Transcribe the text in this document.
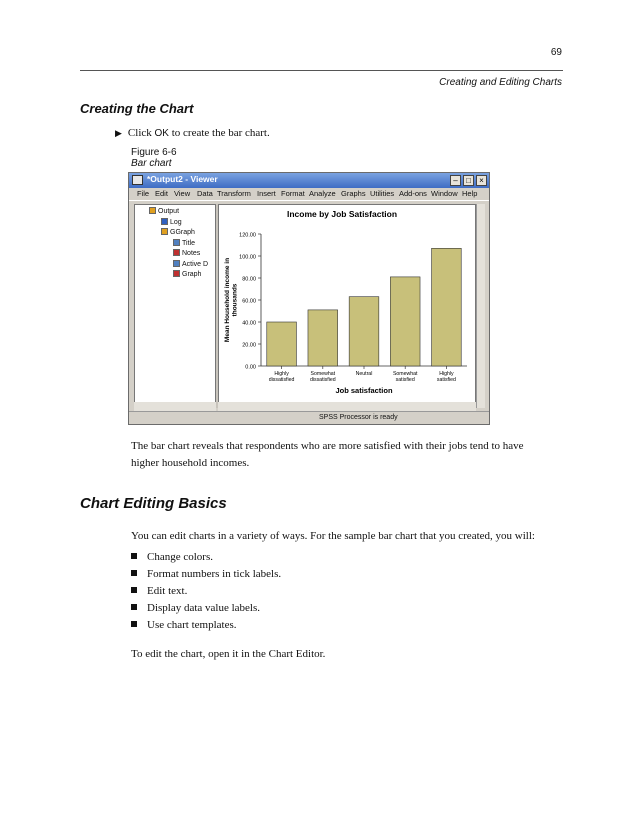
69
Creating and Editing Charts
Creating the Chart
▶ Click OK to create the bar chart.
Figure 6-6
Bar chart
*Output2 - Viewer	–	□	×
File Edit View Data Transform Insert Format Analyze Graphs Utilities Add-ons Window Help
Output
Log
GGraph
Title
Notes
Active D
Graph
Income by Job Satisfaction
0.00
20.00
40.00
60.00
80.00
100.00
120.00
Highly
dissatisfied
Somewhat
dissatisfied
Neutral	Somewhat
satisfied
Highly
satisfied
Job satisfaction
Mean Household income inthousands
SPSS Processor is ready
The bar chart reveals that respondents who are more satisfied with their jobs tend to have higher household incomes.
Chart Editing Basics
You can edit charts in a variety of ways. For the sample bar chart that you created, you will:
Change colors.
Format numbers in tick labels.
Edit text.
Display data value labels.
Use chart templates.
To edit the chart, open it in the Chart Editor.
